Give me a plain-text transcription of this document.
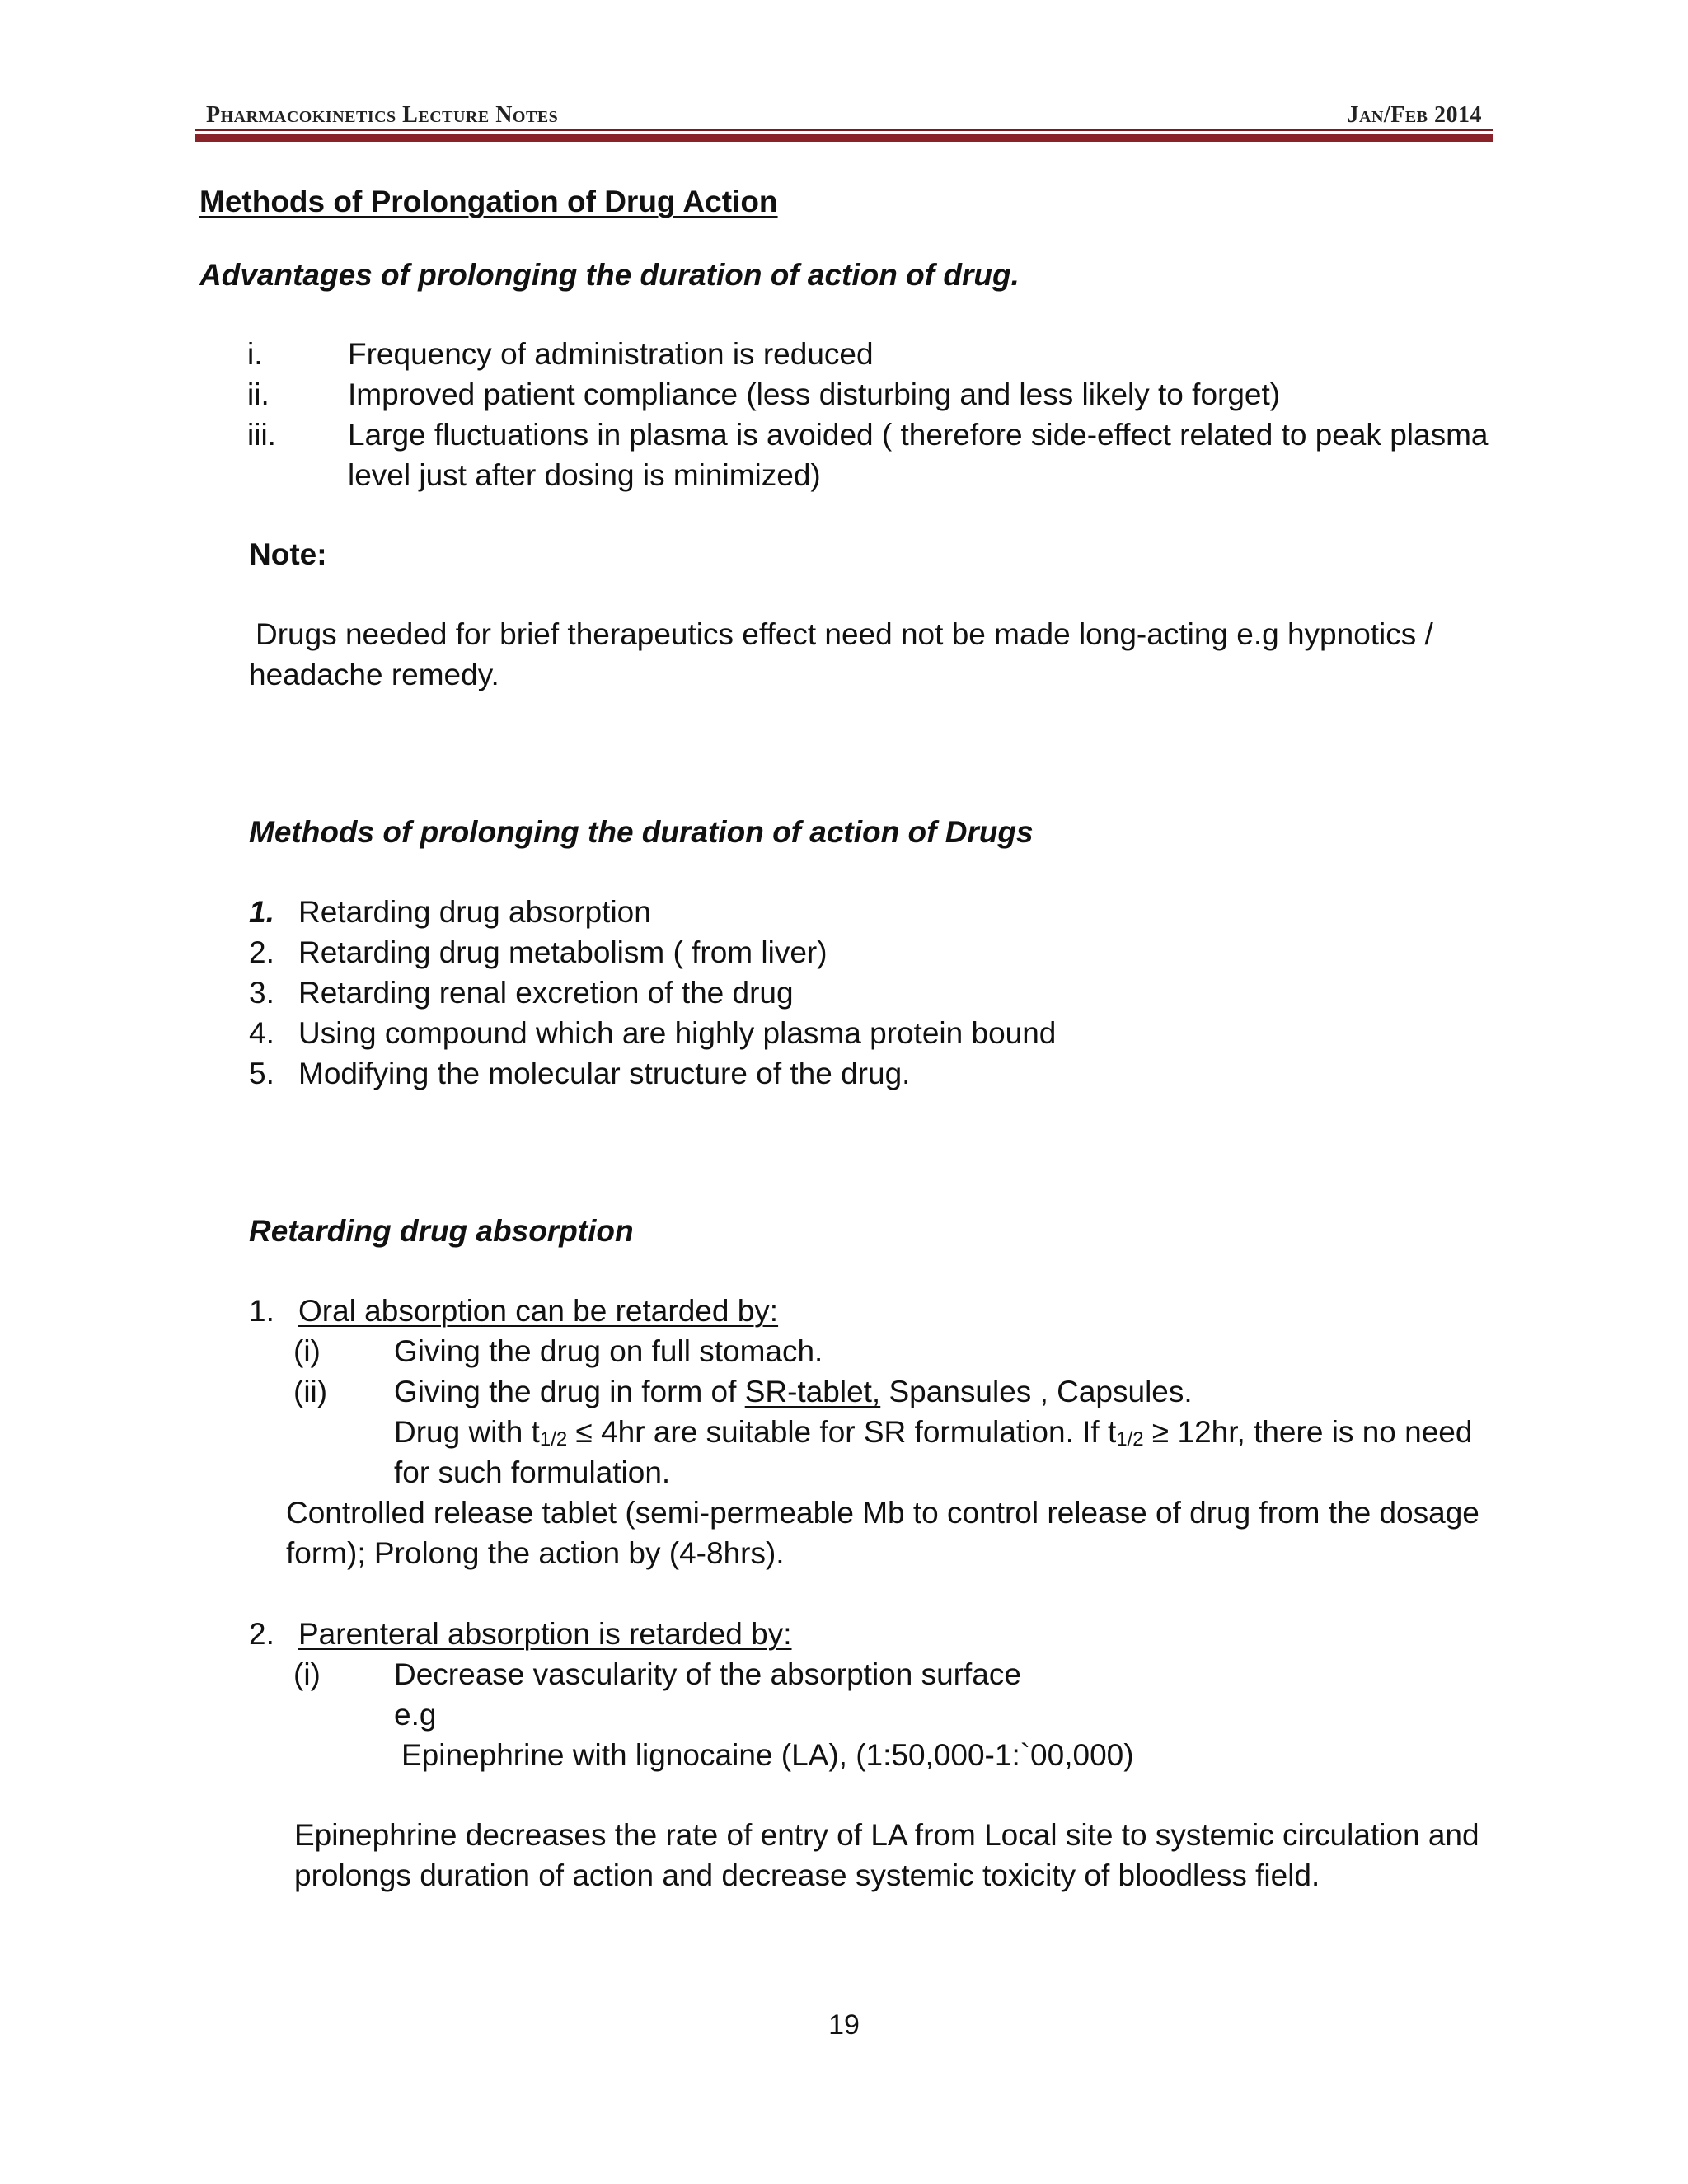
Pharmacokinetics Lecture Notes	Jan/Feb 2014
Methods of Prolongation of Drug Action
Advantages of prolonging the duration of action of drug.
i.	Frequency of administration is reduced
ii.	Improved patient compliance (less disturbing and less likely to forget)
iii. Large fluctuations in plasma is avoided ( therefore side-effect related to peak plasma
level just after dosing is minimized)
Note:
Drugs needed for brief therapeutics effect need not be made long-acting e.g hypnotics /
headache remedy.
Methods of prolonging the duration of action of Drugs
1. Retarding drug absorption
2. Retarding drug metabolism ( from liver)
3. Retarding renal excretion of the drug
4. Using compound which are highly plasma protein bound
5. Modifying the molecular structure of the drug.
Retarding drug absorption
1. Oral absorption can be retarded by:
(i) Giving the drug on full stomach.
(ii) Giving the drug in form of SR-tablet, Spansules , Capsules.
Drug with t1/2 ≤ 4hr are suitable for SR formulation. If t1/2 ≥ 12hr, there is no need
for such formulation.
Controlled release tablet (semi-permeable Mb to control release of drug from the dosage
form); Prolong the action by (4-8hrs).
2. Parenteral absorption is retarded by:
(i) Decrease vascularity of the absorption surface
e.g
Epinephrine with lignocaine (LA), (1:50,000-1:`00,000)
Epinephrine decreases the rate of entry of LA from Local site to systemic circulation and
prolongs duration of action and decrease systemic toxicity of bloodless field.
19
